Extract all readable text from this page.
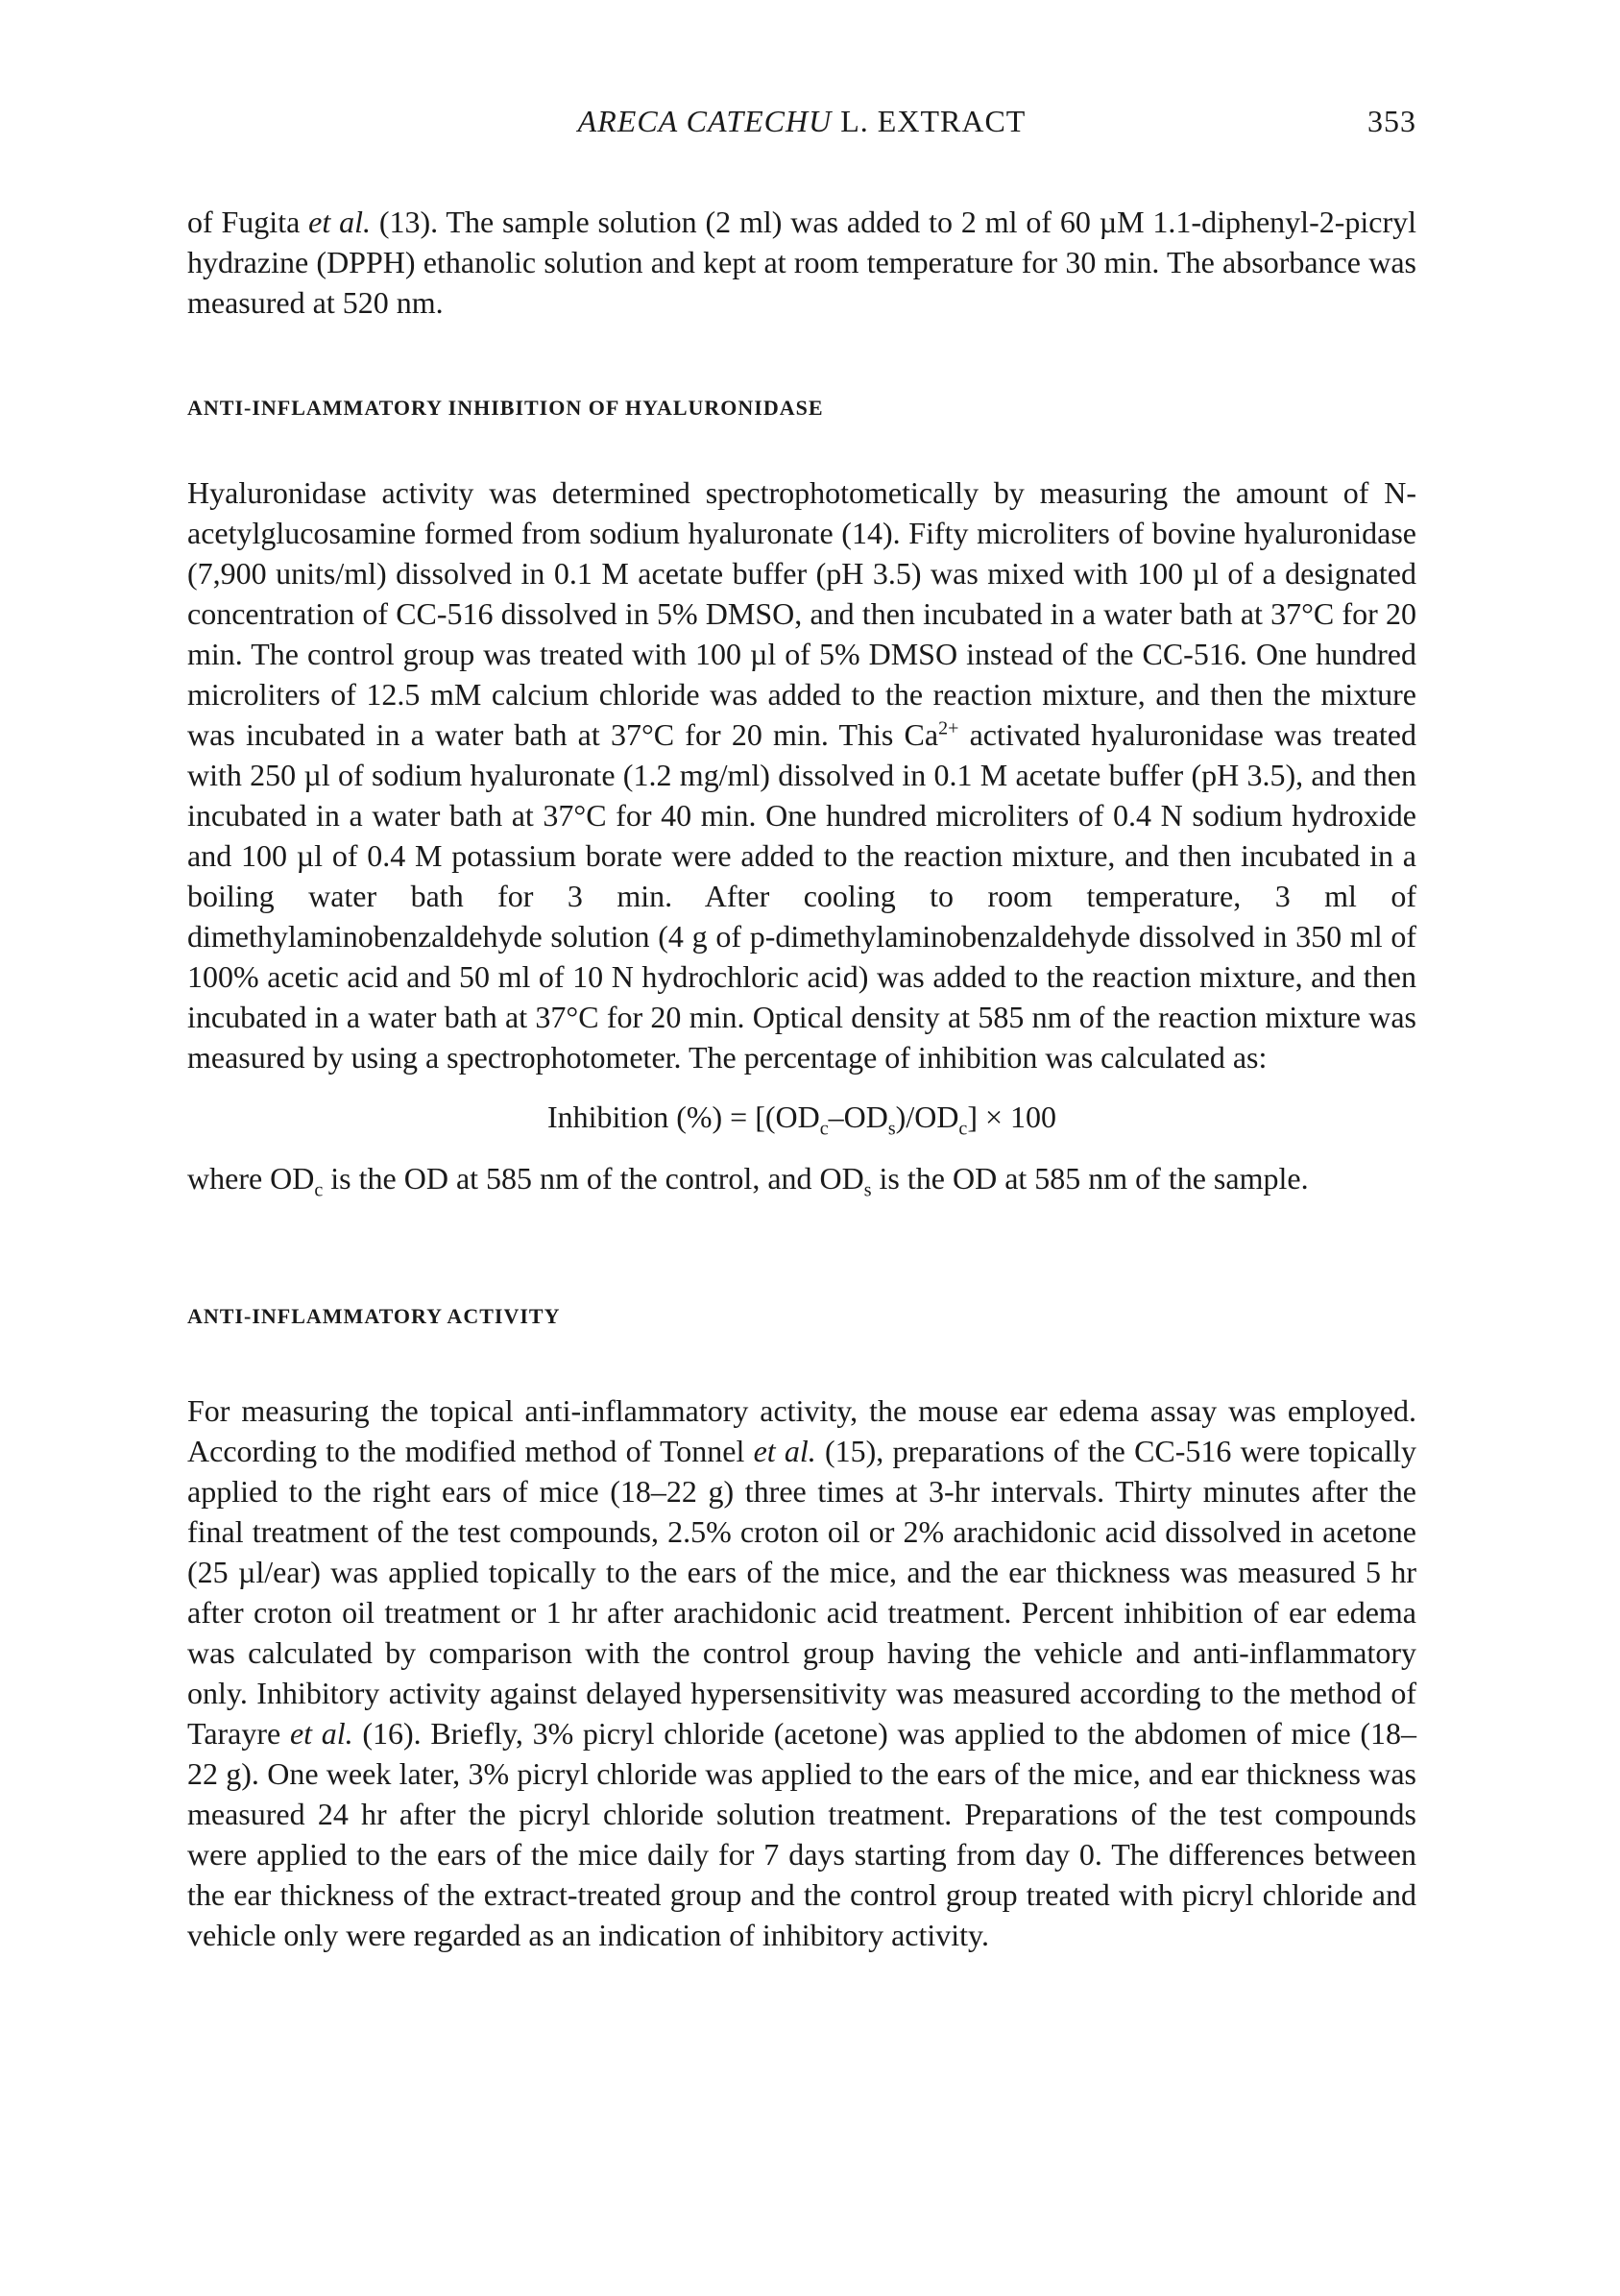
ARECA CATECHU L. EXTRACT	353

of Fugita et al. (13). The sample solution (2 ml) was added to 2 ml of 60 µM 1.1-diphenyl-2-picryl hydrazine (DPPH) ethanolic solution and kept at room temperature for 30 min. The absorbance was measured at 520 nm.

ANTI-INFLAMMATORY INHIBITION OF HYALURONIDASE

Hyaluronidase activity was determined spectrophotometically by measuring the amount of N-acetylglucosamine formed from sodium hyaluronate (14). Fifty microliters of bovine hyaluronidase (7,900 units/ml) dissolved in 0.1 M acetate buffer (pH 3.5) was mixed with 100 µl of a designated concentration of CC-516 dissolved in 5% DMSO, and then incubated in a water bath at 37°C for 20 min. The control group was treated with 100 µl of 5% DMSO instead of the CC-516. One hundred microliters of 12.5 mM calcium chloride was added to the reaction mixture, and then the mixture was incubated in a water bath at 37°C for 20 min. This $Ca^{2+}$ activated hyaluronidase was treated with 250 µl of sodium hyaluronate (1.2 mg/ml) dissolved in 0.1 M acetate buffer (pH 3.5), and then incubated in a water bath at 37°C for 40 min. One hundred microliters of 0.4 N sodium hydroxide and 100 µl of 0.4 M potassium borate were added to the reaction mixture, and then incubated in a boiling water bath for 3 min. After cooling to room temperature, 3 ml of dimethylaminobenzaldehyde solution (4 g of p-dimethylaminobenzaldehyde dissolved in 350 ml of 100% acetic acid and 50 ml of 10 N hydrochloric acid) was added to the reaction mixture, and then incubated in a water bath at 37°C for 20 min. Optical density at 585 nm of the reaction mixture was measured by using a spectrophotometer. The percentage of inhibition was calculated as:

Inhibition (%) = $[(OD_c-OD_s)/OD_c] \times 100$

where $OD_c$ is the OD at 585 nm of the control, and $OD_s$ is the OD at 585 nm of the sample.

ANTI-INFLAMMATORY ACTIVITY

For measuring the topical anti-inflammatory activity, the mouse ear edema assay was employed. According to the modified method of Tonnel et al. (15), preparations of the CC-516 were topically applied to the right ears of mice (18–22 g) three times at 3-hr intervals. Thirty minutes after the final treatment of the test compounds, 2.5% croton oil or 2% arachidonic acid dissolved in acetone (25 µl/ear) was applied topically to the ears of the mice, and the ear thickness was measured 5 hr after croton oil treatment or 1 hr after arachidonic acid treatment. Percent inhibition of ear edema was calculated by comparison with the control group having the vehicle and anti-inflammatory only. Inhibitory activity against delayed hypersensitivity was measured according to the method of Tarayre et al. (16). Briefly, 3% picryl chloride (acetone) was applied to the abdomen of mice (18–22 g). One week later, 3% picryl chloride was applied to the ears of the mice, and ear thickness was measured 24 hr after the picryl chloride solution treatment. Preparations of the test compounds were applied to the ears of the mice daily for 7 days starting from day 0. The differences between the ear thickness of the extract-treated group and the control group treated with picryl chloride and vehicle only were regarded as an indication of inhibitory activity.
